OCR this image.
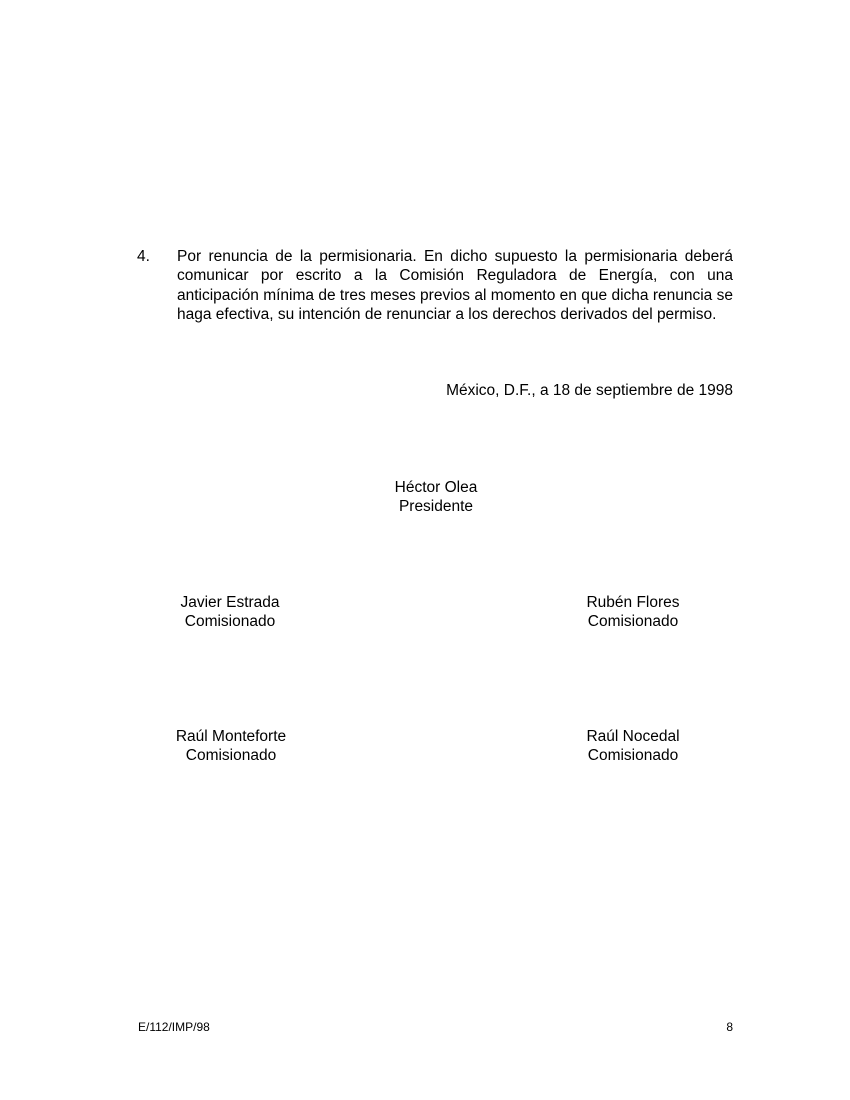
4.	Por renuncia de la permisionaria. En dicho supuesto la permisionaria deberá comunicar por escrito a la Comisión Reguladora de Energía, con una anticipación mínima de tres meses previos al momento en que dicha renuncia se haga efectiva, su intención de renunciar a los derechos derivados del permiso.
México, D.F., a 18 de septiembre de 1998
Héctor Olea
Presidente
Javier Estrada
Comisionado
Rubén Flores
Comisionado
Raúl Monteforte
Comisionado
Raúl Nocedal
Comisionado
E/112/IMP/98	8
